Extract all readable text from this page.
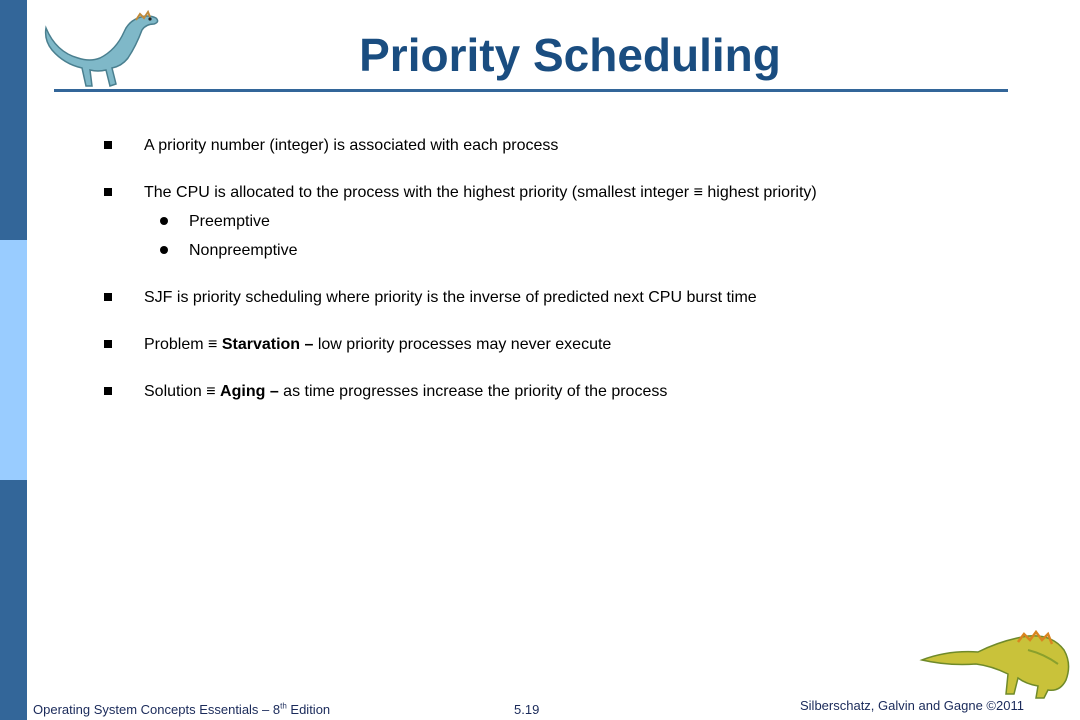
Priority Scheduling
A priority number (integer) is associated with each process
The CPU is allocated to the process with the highest priority (smallest integer ≡ highest priority)
Preemptive
Nonpreemptive
SJF is priority scheduling where priority is the inverse of predicted next CPU burst time
Problem ≡ Starvation – low priority processes may never execute
Solution ≡ Aging – as time progresses increase the priority of the process
Operating System Concepts Essentials – 8th Edition	5.19	Silberschatz, Galvin and Gagne ©2011
